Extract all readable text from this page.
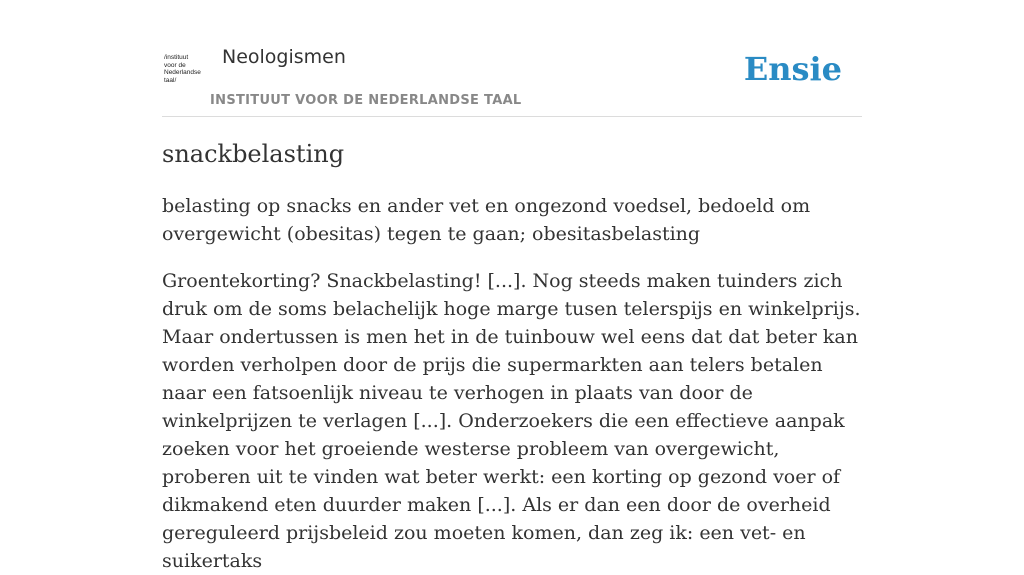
/instituut
voor de
Nederlandse
taal/
Neologismen
INSTITUUT VOOR DE NEDERLANDSE TAAL
Ensie
snackbelasting

belasting op snacks en ander vet en ongezond voedsel, bedoeld om overgewicht (obesitas) tegen te gaan; obesitasbelasting

Groentekorting? Snackbelasting! [...]. Nog steeds maken tuinders zich druk om de soms belachelijk hoge marge tusen telerspijs en winkelprijs. Maar ondertussen is men het in de tuinbouw wel eens dat dat beter kan worden verholpen door de prijs die supermarkten aan telers betalen naar een fatsoenlijk niveau te verhogen in plaats van door de winkelprijzen te verlagen [...]. Onderzoekers die een effectieve aanpak zoeken voor het groeiende westerse probleem van overgewicht, proberen uit te vinden wat beter werkt: een korting op gezond voer of dikmakend eten duurder maken [...]. Als er dan een door de overheid gereguleerd prijsbeleid zou moeten komen, dan zeg ik: een vet- en suikertaks
